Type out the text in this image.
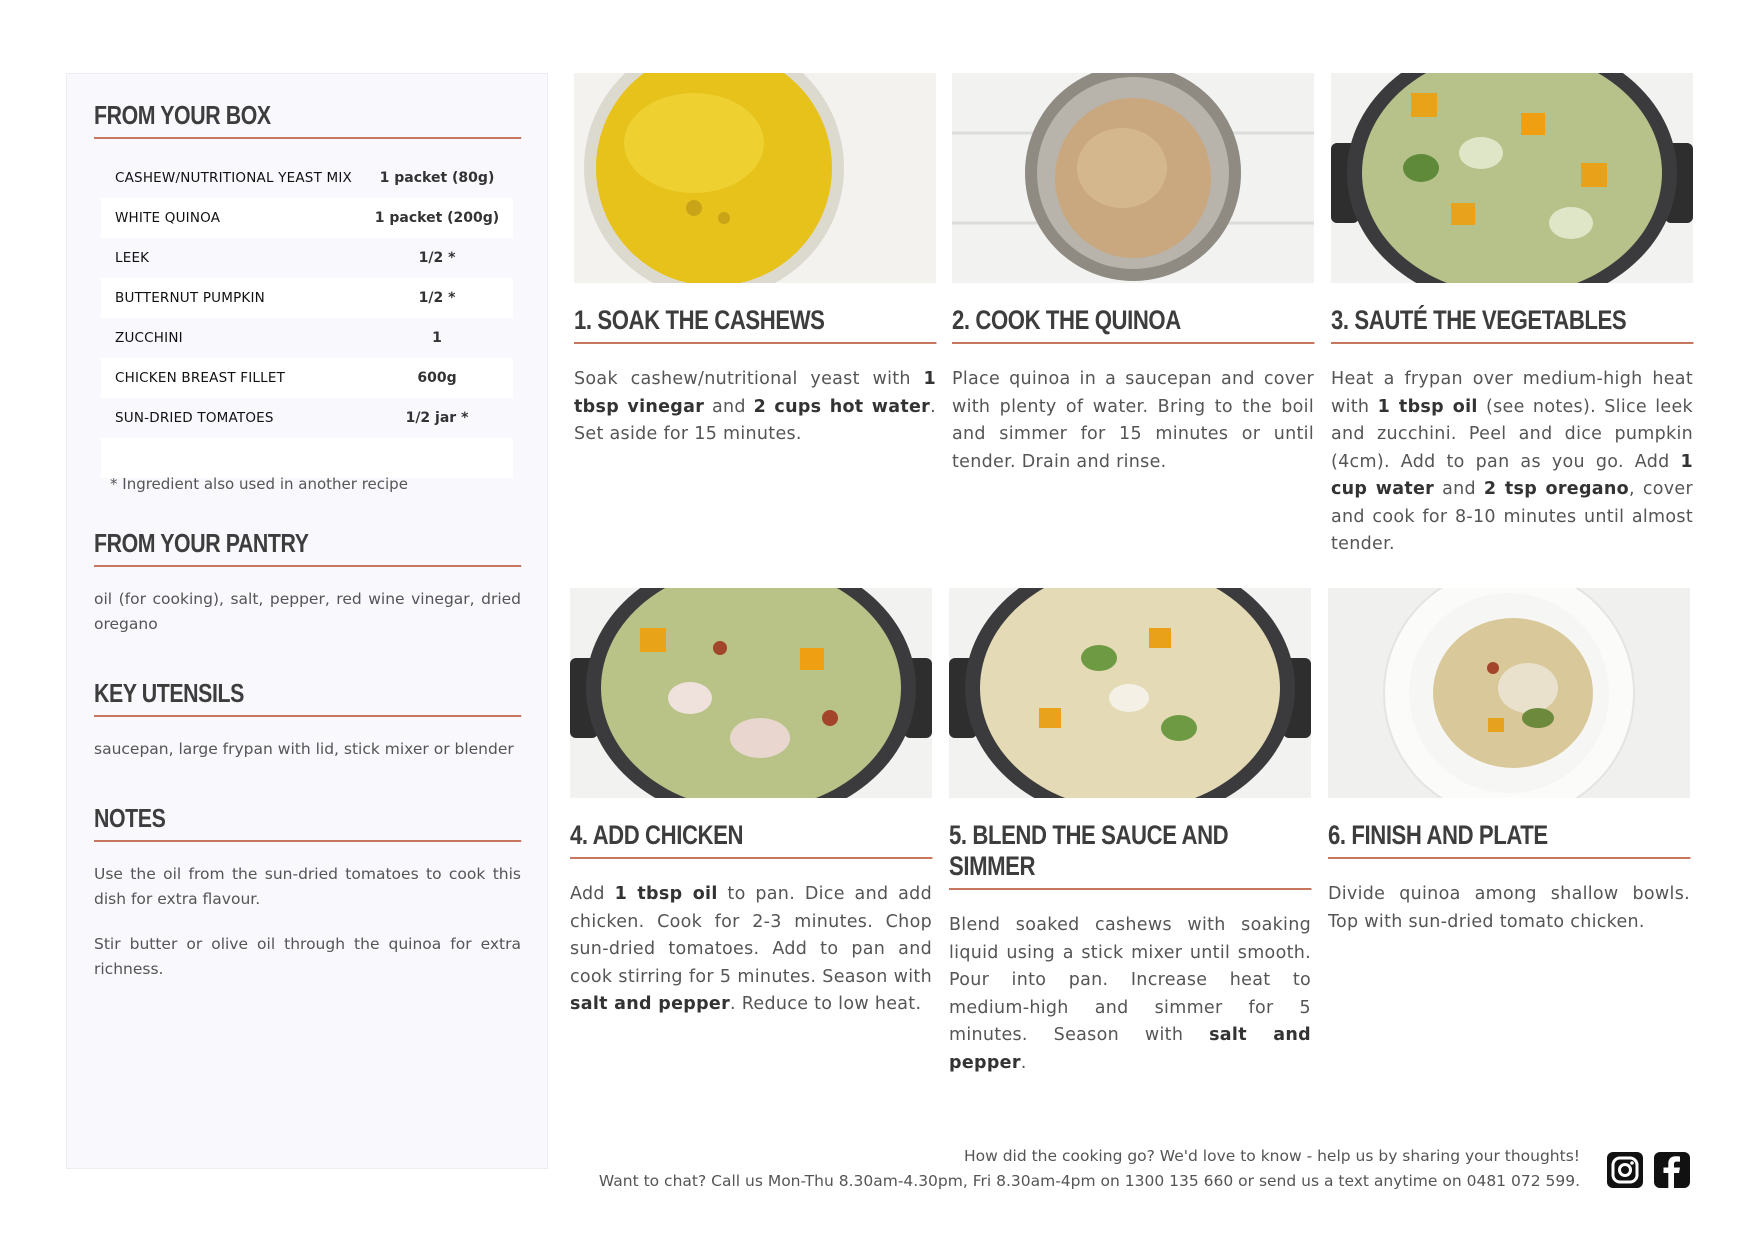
FROM YOUR BOX
CASHEW/NUTRITIONAL YEAST MIX	1 packet (80g)
WHITE QUINOA	1 packet (200g)
LEEK	1/2 *
BUTTERNUT PUMPKIN	1/2 *
ZUCCHINI	1
CHICKEN BREAST FILLET	600g
SUN-DRIED TOMATOES	1/2 jar *

* Ingredient also used in another recipe
FROM YOUR PANTRY

oil (for cooking), salt, pepper, red wine vinegar, dried oregano

KEY UTENSILS

saucepan, large frypan with lid, stick mixer or blender

NOTES

Use the oil from the sun-dried tomatoes to cook this dish for extra flavour.

Stir butter or olive oil through the quinoa for extra richness.

1. SOAK THE CASHEWS

Soak cashew/nutritional yeast with 1 tbsp vinegar and 2 cups hot water. Set aside for 15 minutes.

2. COOK THE QUINOA

Place quinoa in a saucepan and cover with plenty of water. Bring to the boil and simmer for 15 minutes or until tender. Drain and rinse.

3. SAUTÉ THE VEGETABLES

Heat a frypan over medium-high heat with 1 tbsp oil (see notes). Slice leek and zucchini. Peel and dice pumpkin (4cm). Add to pan as you go. Add 1 cup water and 2 tsp oregano, cover and cook for 8-10 minutes until almost tender.

4. ADD CHICKEN

Add 1 tbsp oil to pan. Dice and add chicken. Cook for 2-3 minutes. Chop sun-dried tomatoes. Add to pan and cook stirring for 5 minutes. Season with salt and pepper. Reduce to low heat.

5. BLEND THE SAUCE AND SIMMER

Blend soaked cashews with soaking liquid using a stick mixer until smooth. Pour into pan. Increase heat to medium-high and simmer for 5 minutes. Season with salt and pepper.

6. FINISH AND PLATE

Divide quinoa among shallow bowls. Top with sun-dried tomato chicken.

How did the cooking go? We'd love to know - help us by sharing your thoughts!
Want to chat? Call us Mon-Thu 8.30am-4.30pm, Fri 8.30am-4pm on 1300 135 660 or send us a text anytime on 0481 072 599.
